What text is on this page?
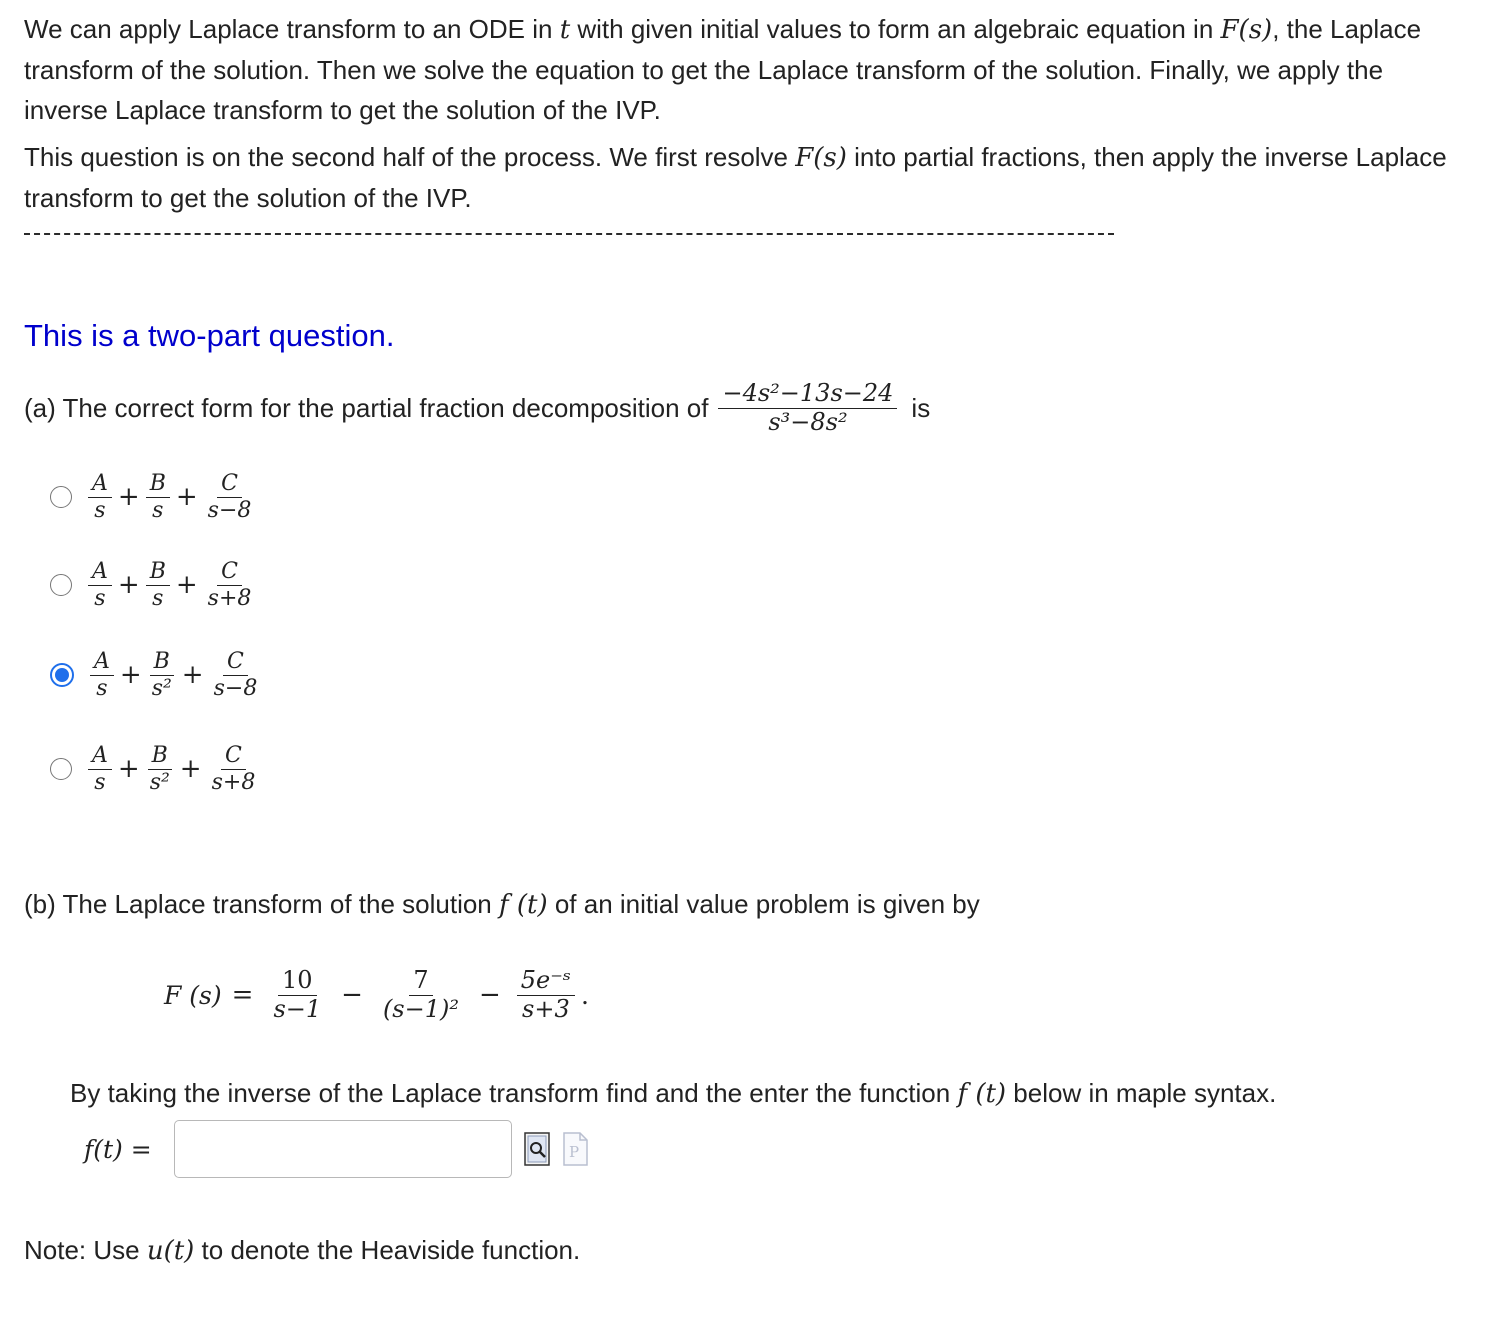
We can apply Laplace transform to an ODE in t with given initial values to form an algebraic equation in F(s), the Laplace transform of the solution. Then we solve the equation to get the Laplace transform of the solution. Finally, we apply the inverse Laplace transform to get the solution of the IVP.

This question is on the second half of the process. We first resolve F(s) into partial fractions, then apply the inverse Laplace transform to get the solution of the IVP.

This is a two-part question.
(a) The correct form for the partial fraction decomposition of $\frac{\text{−4s²−13s−24}}{\text{s³−8s²}}$ is
$\frac{A}{s} + \frac{B}{s} + \frac{C}{s-8}$
$\frac{A}{s} + \frac{B}{s} + \frac{C}{s+8}$
$\frac{A}{s} + \frac{B}{\text{s²}} + \frac{C}{s-8}$
$\frac{A}{s} + \frac{B}{\text{s²}} + \frac{C}{s+8}$
(b) The Laplace transform of the solution f (t) of an initial value problem is given by
F $(s) = \frac{10}{s-1} - \frac{7}{\text{(s−1)²}} - \frac{\text{5e⁻ˢ}}{s+3}$ .
By taking the inverse of the Laplace transform find and the enter the function f (t) below in maple syntax.
f(t) =	P
Note: Use u(t) to denote the Heaviside function.
